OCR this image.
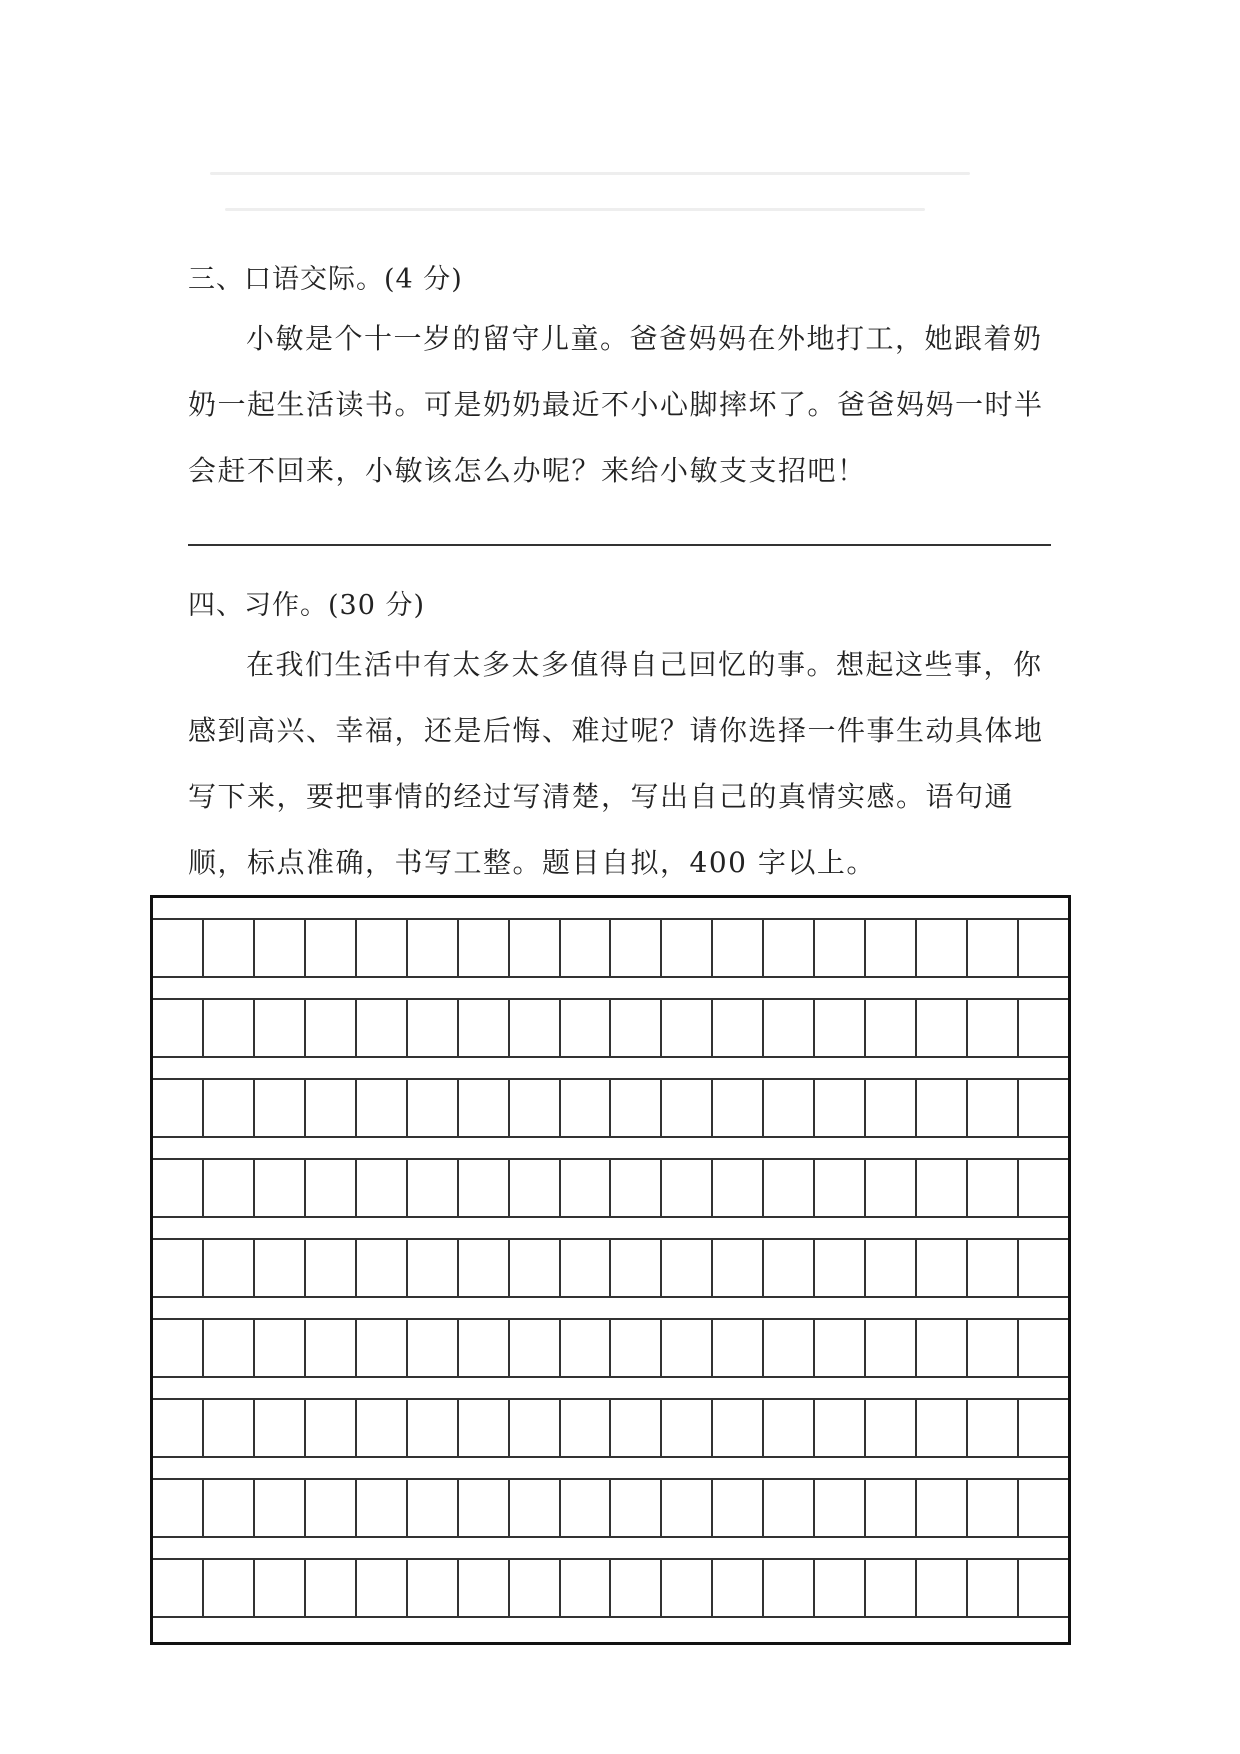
三、口语交际。(4 分)
小敏是个十一岁的留守儿童。爸爸妈妈在外地打工，她跟着奶奶一起生活读书。可是奶奶最近不小心脚摔坏了。爸爸妈妈一时半会赶不回来，小敏该怎么办呢？来给小敏支支招吧！
四、习作。(30 分)
在我们生活中有太多太多值得自己回忆的事。想起这些事，你感到高兴、幸福，还是后悔、难过呢？请你选择一件事生动具体地写下来，要把事情的经过写清楚，写出自己的真情实感。语句通顺，标点准确，书写工整。题目自拟，400 字以上。
